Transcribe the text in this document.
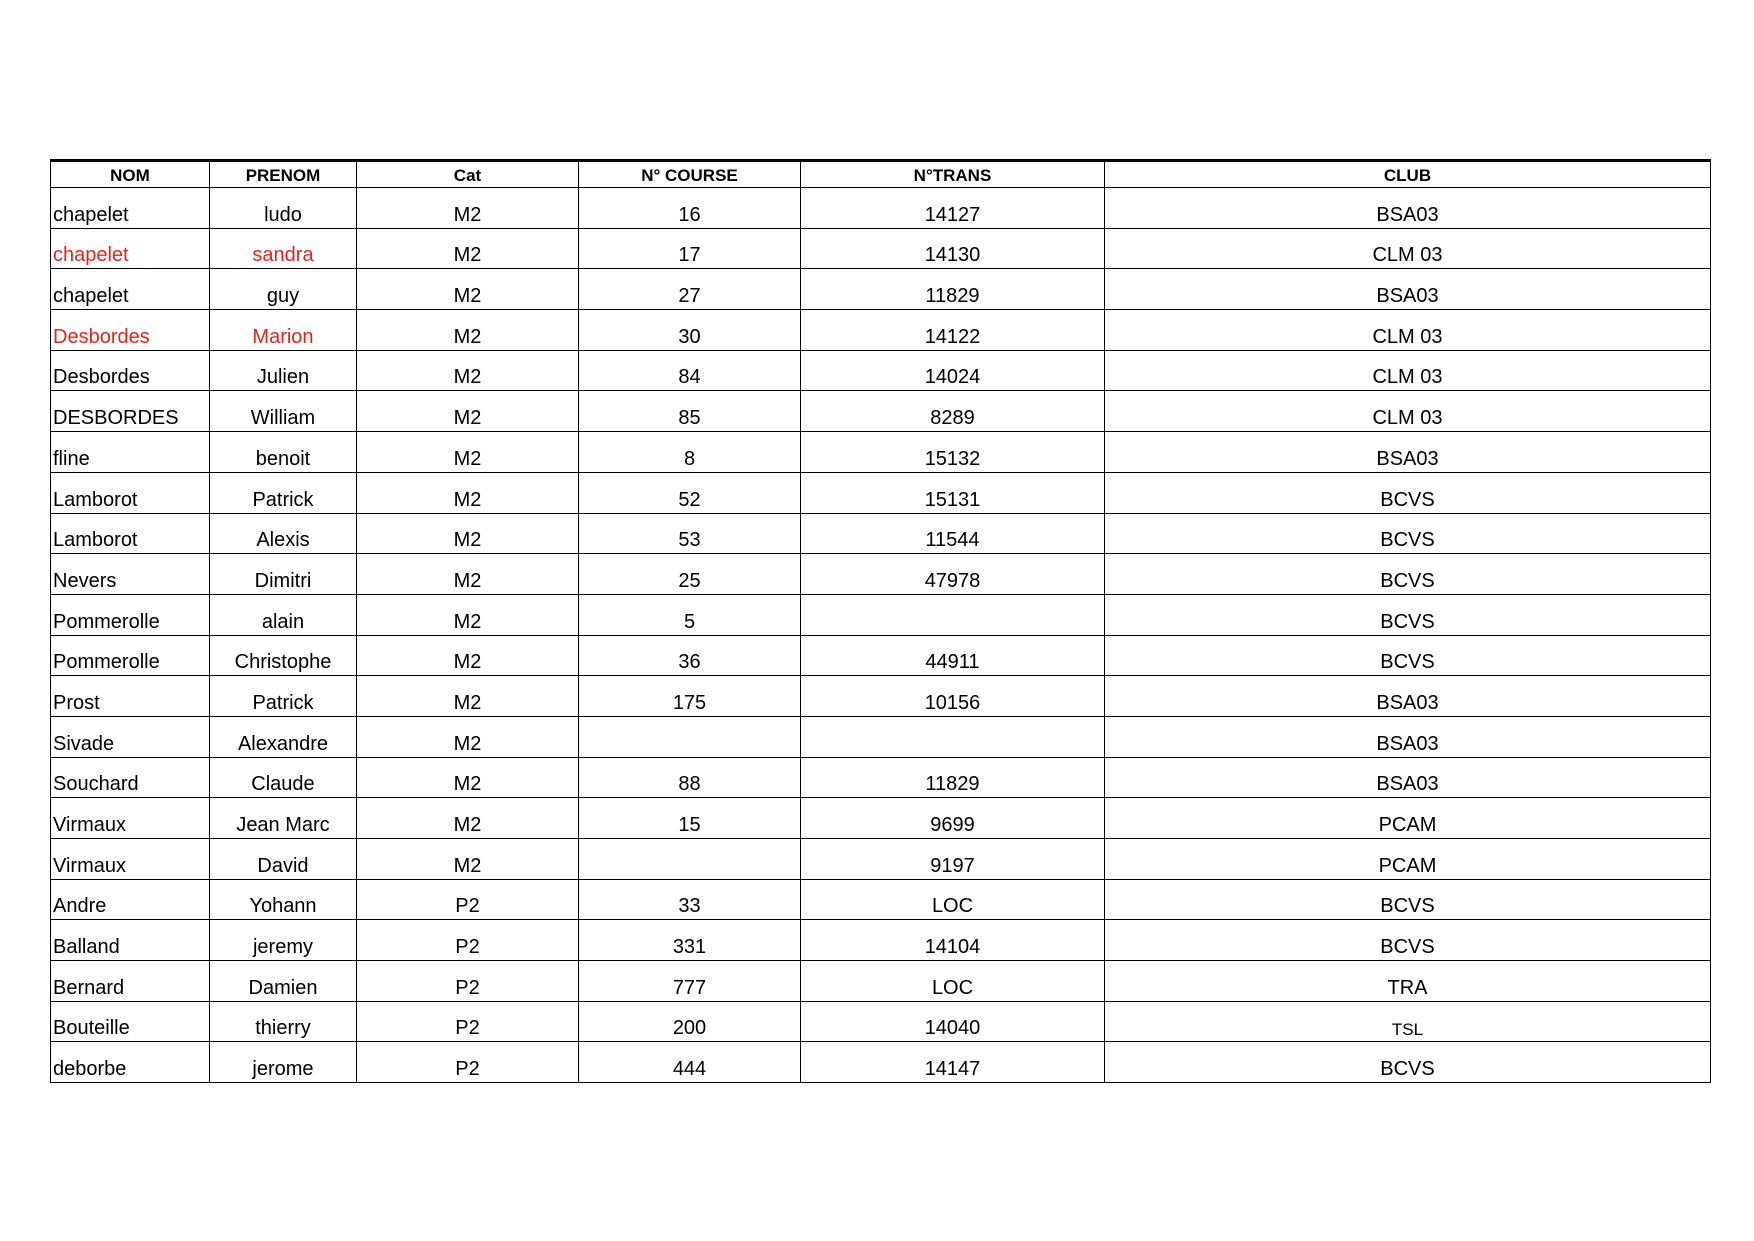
NOM	PRENOM	Cat	N° COURSE	N°TRANS	CLUB
chapelet	ludo	M2	16	14127	BSA03
chapelet	sandra	M2	17	14130	CLM 03
chapelet	guy	M2	27	11829	BSA03
Desbordes	Marion	M2	30	14122	CLM 03
Desbordes	Julien	M2	84	14024	CLM 03
DESBORDES	William	M2	85	8289	CLM 03
fline	benoit	M2	8	15132	BSA03
Lamborot	Patrick	M2	52	15131	BCVS
Lamborot	Alexis	M2	53	11544	BCVS
Nevers	Dimitri	M2	25	47978	BCVS
Pommerolle	alain	M2	5		BCVS
Pommerolle	Christophe	M2	36	44911	BCVS
Prost	Patrick	M2	175	10156	BSA03
Sivade	Alexandre	M2			BSA03
Souchard	Claude	M2	88	11829	BSA03
Virmaux	Jean Marc	M2	15	9699	PCAM
Virmaux	David	M2		9197	PCAM
Andre	Yohann	P2	33	LOC	BCVS
Balland	jeremy	P2	331	14104	BCVS
Bernard	Damien	P2	777	LOC	TRA
Bouteille	thierry	P2	200	14040	TSL
deborbe	jerome	P2	444	14147	BCVS
